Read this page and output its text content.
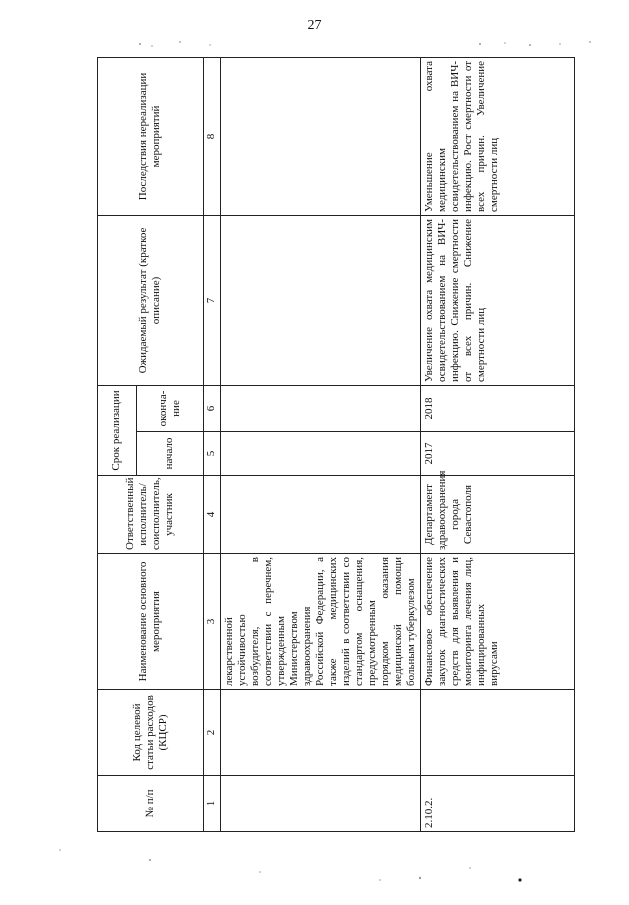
27
№ п/п	Код целевой статьи расходов (КЦСР)	Наименование основного мероприятия	Ответственный исполнитель/ соисполнитель, участник	Срок реализации		Ожидаемый результат (краткое описание)	Последствия нереализации мероприятий
				начало	оконча-ние		
1	2	3	4	5	6	7	8
		лекарственной устойчивостью возбудителя, в соответствии с перечнем, утвержденным Министерством здравоохранения Российской Федерации, а также медицинских изделий в соответствии со стандартом оснащения, предусмотренным порядком оказания медицинской помощи больным туберкулезом					
2.10.2.		Финансовое обеспечение закупок диагностических средств для выявления и мониторинга лечения лиц, инфицированных вирусами	Департамент здравоохранения города Севастополя	2017	2018	Увеличение охвата медицинским освидетельствованием на ВИЧ-инфекцию. Снижение смертности от всех причин. Снижение смертности лиц	Уменьшение охвата медицинским освидетельствованием на ВИЧ-инфекцию. Рост смертности от всех причин. Увеличение смертности лиц
